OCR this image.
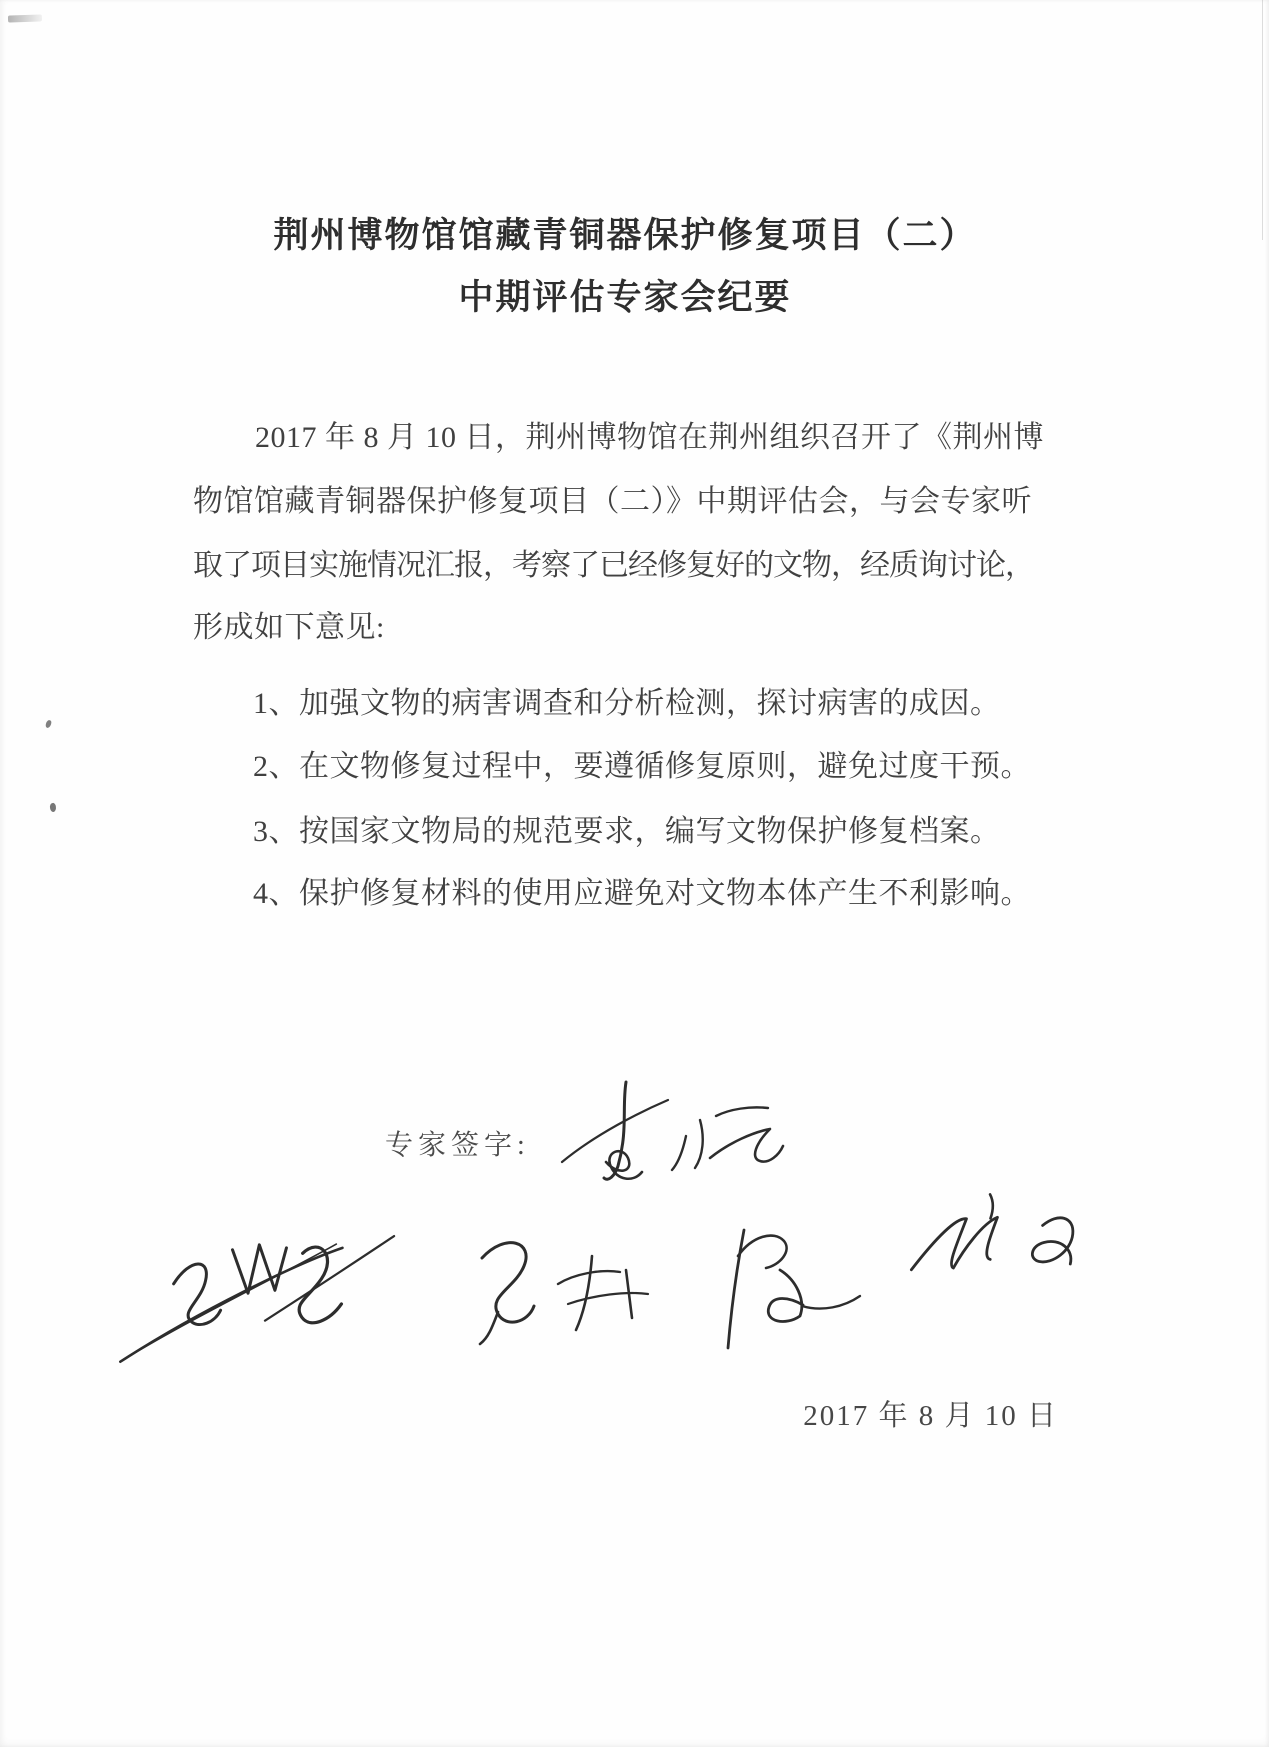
荆州博物馆馆藏青铜器保护修复项目（二）
中期评估专家会纪要
2017 年 8 月 10 日，荆州博物馆在荆州组织召开了《荆州博
物馆馆藏青铜器保护修复项目（二）》中期评估会，与会专家听
取了项目实施情况汇报，考察了已经修复好的文物，经质询讨论，
形成如下意见:
1、加强文物的病害调查和分析检测，探讨病害的成因。
2、在文物修复过程中，要遵循修复原则，避免过度干预。
3、按国家文物局的规范要求，编写文物保护修复档案。
4、保护修复材料的使用应避免对文物本体产生不利影响。
专家签字:
2017 年 8 月 10 日
